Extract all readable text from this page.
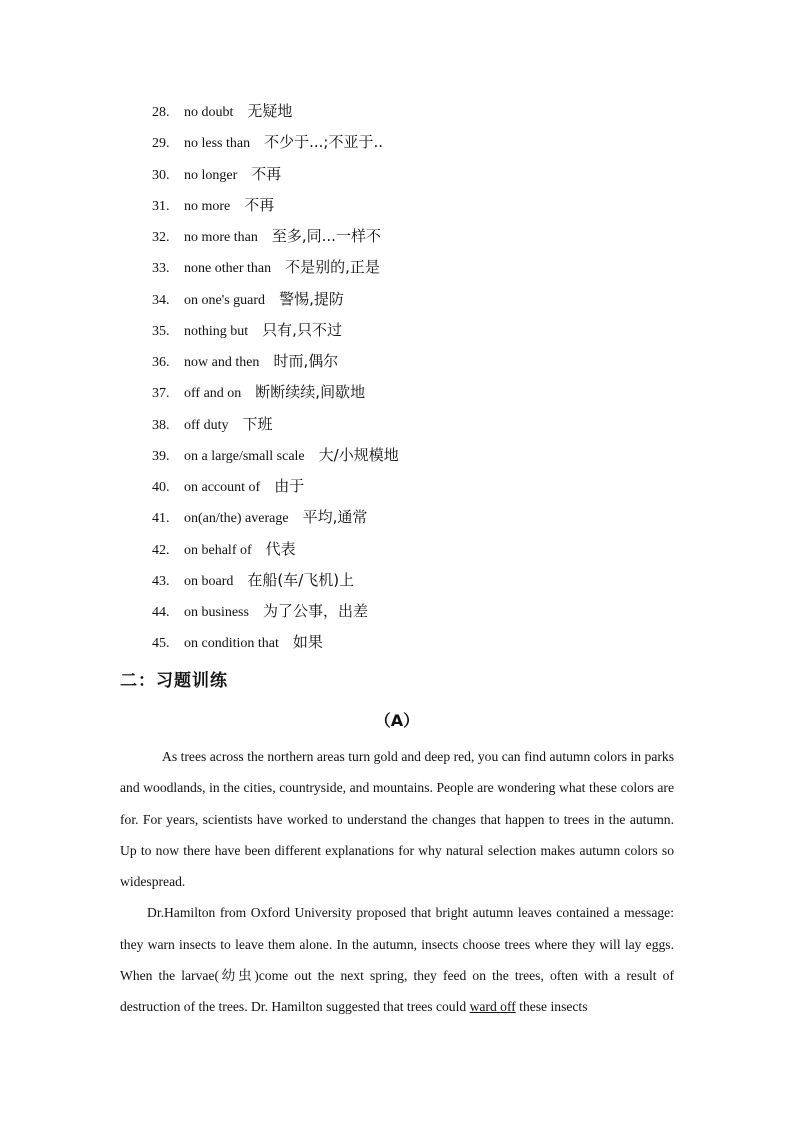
28. no doubt 无疑地
29. no less than 不少于...;不亚于..
30. no longer 不再
31. no more 不再
32. no more than 至多,同...一样不
33. none other than 不是别的,正是
34. on one's guard 警惕,提防
35. nothing but 只有,只不过
36. now and then 时而,偶尔
37. off and on 断断续续,间歇地
38. off duty 下班
39. on a large/small scale 大/小规模地
40. on account of 由于
41. on(an/the) average 平均,通常
42. on behalf of 代表
43. on board 在船(车/飞机)上
44. on business 为了公事，出差
45. on condition that 如果
二：习题训练
（A）

As trees across the northern areas turn gold and deep red, you can find autumn colors in parks and woodlands, in the cities, countryside, and mountains. People are wondering what these colors are for. For years, scientists have worked to understand the changes that happen to trees in the autumn. Up to now there have been different explanations for why natural selection makes autumn colors so widespread.

Dr.Hamilton from Oxford University proposed that bright autumn leaves contained a message: they warn insects to leave them alone. In the autumn, insects choose trees where they will lay eggs. When the larvae(幼虫)come out the next spring, they feed on the trees, often with a result of destruction of the trees. Dr. Hamilton suggested that trees could ward off these insects
